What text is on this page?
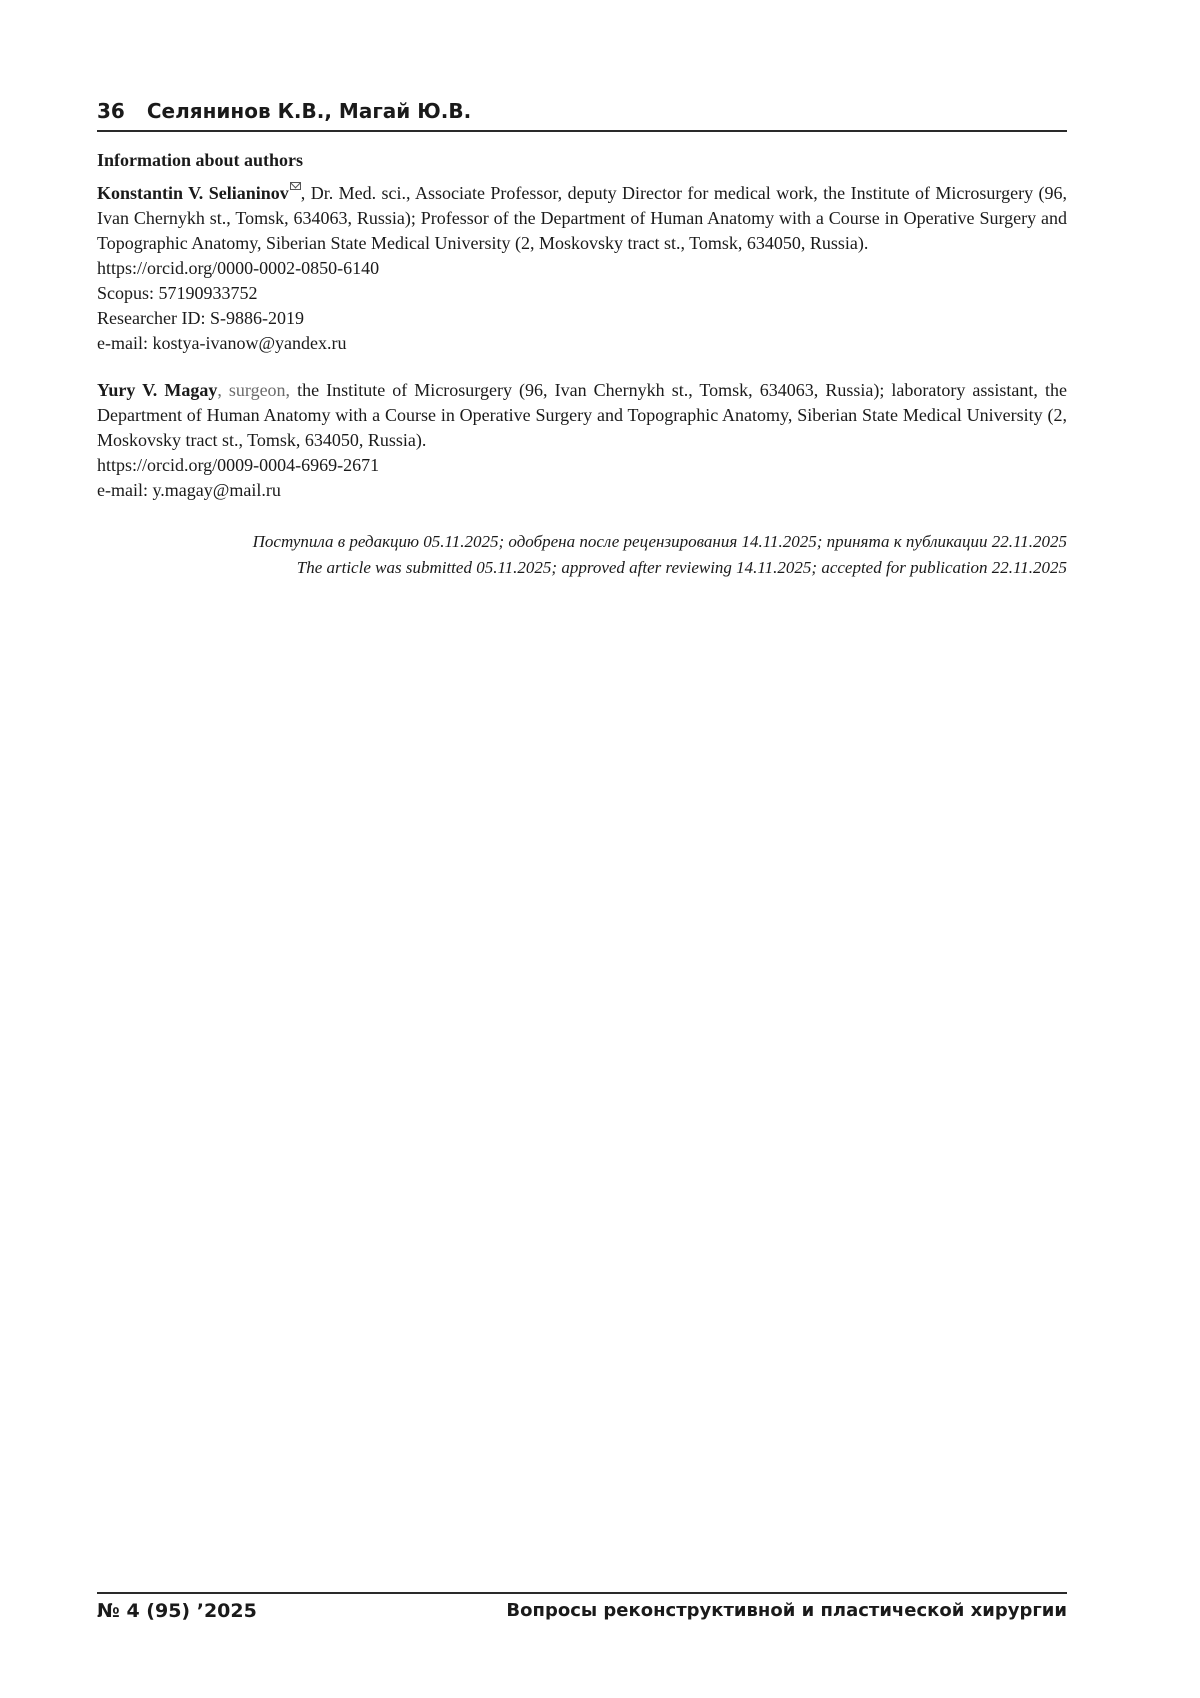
36 Селянинов К.В., Магай Ю.В.
Information about authors

Konstantin V. Selianinov , Dr. Med. sci., Associate Professor, deputy Director for medical work, the Institute of Microsurgery (96, Ivan Chernykh st., Tomsk, 634063, Russia); Professor of the Department of Human Anatomy with a Course in Operative Surgery and Topographic Anatomy, Siberian State Medical University (2, Moskovsky tract st., Tomsk, 634050, Russia).

https://orcid.org/0000-0002-0850-6140
Scopus: 57190933752
Researcher ID: S-9886-2019
e-mail: kostya-ivanow@yandex.ru

Yury V. Magay, surgeon, the Institute of Microsurgery (96, Ivan Chernykh st., Tomsk, 634063, Russia); laboratory assistant, the Department of Human Anatomy with a Course in Operative Surgery and Topographic Anatomy, Siberian State Medical University (2, Moskovsky tract st., Tomsk, 634050, Russia).

https://orcid.org/0009-0004-6969-2671
e-mail: y.magay@mail.ru
Поступила в редакцию 05.11.2025; одобрена после рецензирования 14.11.2025; принята к публикации 22.11.2025
The article was submitted 05.11.2025; approved after reviewing 14.11.2025; accepted for publication 22.11.2025
№ 4 (95) ’2025	Вопросы реконструктивной и пластической хирургии
